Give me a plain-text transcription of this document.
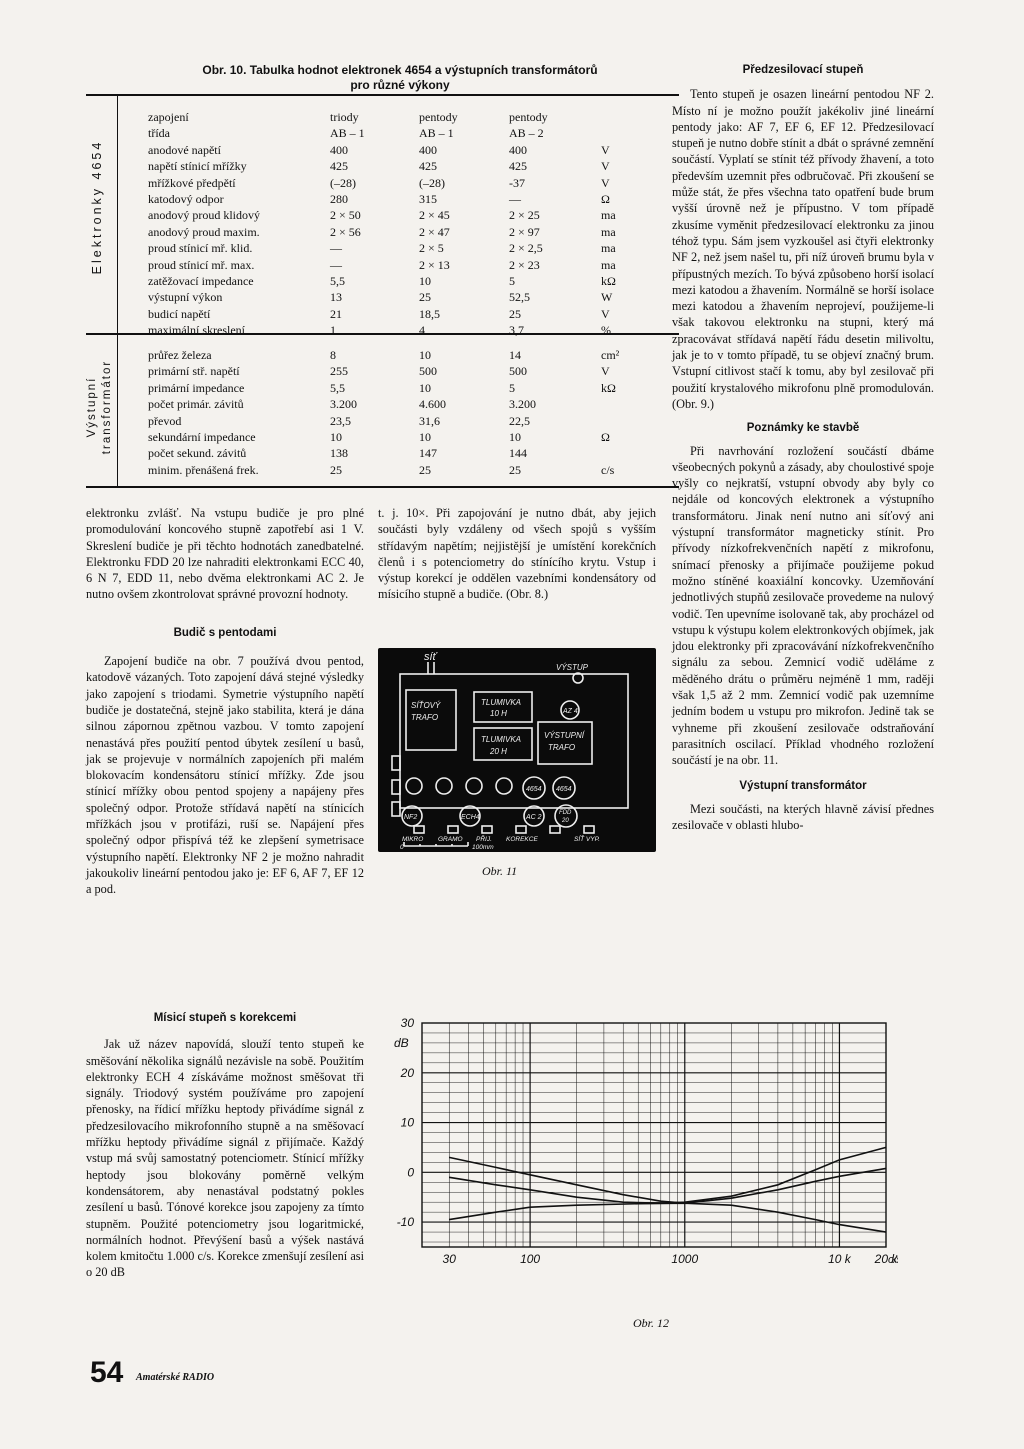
Obr. 10. Tabulka hodnot elektronek 4654 a výstupních transformátorů
pro různé výkony
Elektronky 4654
Výstupní transformátor
zapojení	triody	pentody	pentody
třída	AB – 1	AB – 1	AB – 2
anodové napětí	400	400	400	V
napětí stínicí mřížky	425	425	425	V
mřížkové předpětí	(–28)	(–28)	-37	V
katodový odpor	280	315	—	Ω
anodový proud klidový	2 × 50	2 × 45	2 × 25	ma
anodový proud maxim.	2 × 56	2 × 47	2 × 97	ma
proud stínicí mř. klid.	—	2 × 5	2 × 2,5	ma
proud stínicí mř. max.	—	2 × 13	2 × 23	ma
zatěžovací impedance	5,5	10	5	kΩ
výstupní výkon	13	25	52,5	W
budicí napětí	21	18,5	25	V
maximální skreslení	1	4	3,7	%
průřez železa	8	10	14	cm²
primární stř. napětí	255	500	500	V
primární impedance	5,5	10	5	kΩ
počet primár. závitů	3.200	4.600	3.200
převod	23,5	31,6	22,5
sekundární impedance	10	10	10	Ω
počet sekund. závitů	138	147	144
minim. přenášená frek.	25	25	25	c/s

elektronku zvlášť. Na vstupu budiče je pro plné promodulování koncového stupně zapotřebí asi 1 V. Skreslení budiče je při těchto hodnotách zanedbatelné. Elektronku FDD 20 lze nahraditi elektronkami ECC 40, 6 N 7, EDD 11, nebo dvěma elektronkami AC 2. Je nutno ovšem zkontrolovat správné provozní hodnoty.

Budič s pentodami

Zapojení budiče na obr. 7 používá dvou pentod, katodově vázaných. Toto zapojení dává stejné výsledky jako zapojení s triodami. Symetrie výstupního napětí budiče je dostatečná, stejně jako stabilita, která je dána silnou zápornou zpětnou vazbou. V tomto zapojení nenastává přes použití pentod úbytek zesílení u basů, jak se projevuje v normálních zapojeních při malém blokovacím kondensátoru stínicí mřížky. Zde jsou stínicí mřížky obou pentod spojeny a napájeny přes společný odpor. Protože střídavá napětí na stínicích mřížkách jsou v protifázi, ruší se. Napájení přes společný odpor přispívá též ke zlepšení symetrisace výstupního napětí. Elektronky NF 2 je možno nahradit jakoukoliv lineární pentodou jako je: EF 6, AF 7, EF 12 a pod.

Mísicí stupeň s korekcemi

Jak už název napovídá, slouží tento stupeň ke směšování několika signálů nezávisle na sobě. Použitím elektronky ECH 4 získáváme možnost směšovat tři signály. Triodový systém používáme pro zapojení přenosky, na řídicí mřížku heptody přivádíme signál z předzesilovacího mikrofonního stupně a na směšovací mřížku heptody přivádíme signál z přijímače. Každý vstup má svůj samostatný potenciometr. Stínicí mřížky heptody jsou blokovány poměrně velkým kondensátorem, aby nenastával podstatný pokles zesílení u basů. Tónové korekce jsou zapojeny za tímto stupněm. Použité potenciometry jsou logaritmické, normálních hodnot. Převýšení basů a výšek nastává kolem kmitočtu 1.000 c/s. Korekce zmenšují zesílení asi o 20 dB

t. j. 10×. Při zapojování je nutno dbát, aby jejich součásti byly vzdáleny od všech spojů s vyšším střídavým napětím; nejjistější je umístění korekčních členů i s potenciometry do stínícího krytu. Vstup i výstup korekcí je oddělen vazebními kondensátory od mísicího stupně a budiče. (Obr. 8.)

Předzesilovací stupeň

Tento stupeň je osazen lineární pentodou NF 2. Místo ní je možno použít jakékoliv jiné lineární pentody jako: AF 7, EF 6, EF 12. Předzesilovací stupeň je nutno dobře stínit a dbát o správné zemnění součástí. Vyplatí se stínit též přívody žhavení, a toto především uzemnit přes odbručovač. Při zkoušení se může stát, že přes všechna tato opatření bude brum vyšší úrovně než je přípustno. V tom případě zkusíme vyměnit předzesilovací elektronku za jinou téhož typu. Sám jsem vyzkoušel asi čtyři elektronky NF 2, než jsem našel tu, při níž úroveň brumu byla v přípustných mezích. To bývá způsobeno horší isolací mezi katodou a žhavením. Normálně se horší isolace mezi katodou a žhavením neprojeví, použijeme-li však takovou elektronku na stupni, který má zpracovávat střídavá napětí řádu desetin milivoltu, jak je to v tomto případě, tu se objeví značný brum. Vstupní citlivost stačí k tomu, aby byl zesilovač při použití krystalového mikrofonu plně promodulován. (Obr. 9.)

Poznámky ke stavbě

Při navrhování rozložení součástí dbáme všeobecných pokynů a zásady, aby choulostivé spoje vyšly co nejkratší, vstupní obvody aby byly co nejdále od koncových elektronek a výstupního transformátoru. Jinak není nutno ani síťový ani výstupní transformátor magneticky stínit. Pro přívody nízkofrekvenčních napětí z mikrofonu, snímací přenosky a přijímače použijeme pokud možno stíněné koaxiální koncovky. Uzemňování jednotlivých stupňů zesilovače provedeme na nulový vodič. Ten upevníme isolovaně tak, aby procházel od vstupu k výstupu kolem elektronkových objímek, jak jdou elektronky při zpracovávání nízkofrekvenčního signálu za sebou. Zemnicí vodič uděláme z měděného drátu o průměru nejméně 1 mm, raději však 1,5 až 2 mm. Zemnicí vodič pak uzemníme jedním bodem u vstupu pro mikrofon. Jedině tak se vyhneme při zkoušení zesilovače odstraňování parasitních oscilací. Příklad vhodného rozložení součástí je na obr. 11.

Výstupní transformátor

Mezi součásti, na kterých hlavně závisí přednes zesilovače v oblasti hlubo-

síť
VÝSTUP
SÍŤOVÝ
TRAFO
TLUMIVKA
10 H
TLUMIVKA
20 H
VÝSTUPNÍ
TRAFO
AZ 4
4654 4654
NF2	ECH4	AC 2
FDD
20
MIKRO GRAMO PŘIJ. KOREKCE	SÍŤ VYP.
100mm
0
Obr. 11
30
20
10
0
-10
dB
30	100	1000	10 k 20 k
c/
Obr. 12
54 Amatérské RADIO
